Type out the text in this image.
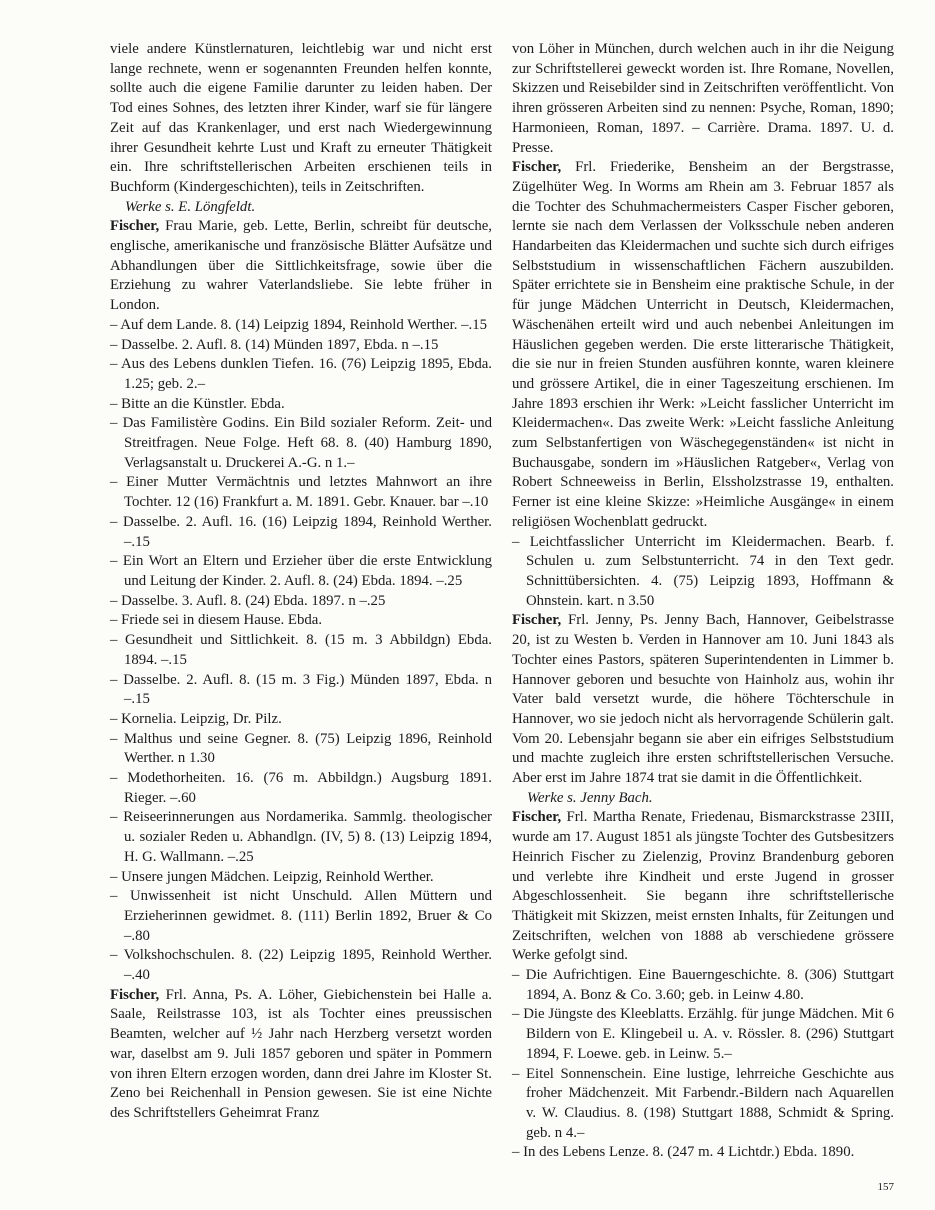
viele andere Künstlernaturen, leichtlebig war und nicht erst lange rechnete, wenn er sogenannten Freunden helfen konnte, sollte auch die eigene Familie darunter zu leiden haben. Der Tod eines Sohnes, des letzten ihrer Kinder, warf sie für längere Zeit auf das Krankenlager, und erst nach Wiedergewinnung ihrer Gesundheit kehrte Lust und Kraft zu erneuter Thätigkeit ein. Ihre schriftstellerischen Arbeiten erschienen teils in Buchform (Kindergeschichten), teils in Zeitschriften.

Werke s. E. Löngfeldt.

Fischer, Frau Marie, geb. Lette, Berlin, schreibt für deutsche, englische, amerikanische und französische Blätter Aufsätze und Abhandlungen über die Sittlichkeitsfrage, sowie über die Erziehung zu wahrer Vaterlandsliebe. Sie lebte früher in London.

– Auf dem Lande. 8. (14) Leipzig 1894, Reinhold Werther. –.15

– Dasselbe. 2. Aufl. 8. (14) Münden 1897, Ebda. n –.15

– Aus des Lebens dunklen Tiefen. 16. (76) Leipzig 1895, Ebda. 1.25; geb. 2.–

– Bitte an die Künstler. Ebda.

– Das Familistère Godins. Ein Bild sozialer Reform. Zeit- und Streitfragen. Neue Folge. Heft 68. 8. (40) Hamburg 1890, Verlagsanstalt u. Druckerei A.-G. n 1.–

– Einer Mutter Vermächtnis und letztes Mahnwort an ihre Tochter. 12 (16) Frankfurt a. M. 1891. Gebr. Knauer. bar –.10

– Dasselbe. 2. Aufl. 16. (16) Leipzig 1894, Reinhold Werther. –.15

– Ein Wort an Eltern und Erzieher über die erste Entwicklung und Leitung der Kinder. 2. Aufl. 8. (24) Ebda. 1894. –.25

– Dasselbe. 3. Aufl. 8. (24) Ebda. 1897. n –.25

– Friede sei in diesem Hause. Ebda.

– Gesundheit und Sittlichkeit. 8. (15 m. 3 Abbildgn) Ebda. 1894. –.15

– Dasselbe. 2. Aufl. 8. (15 m. 3 Fig.) Münden 1897, Ebda. n –.15

– Kornelia. Leipzig, Dr. Pilz.

– Malthus und seine Gegner. 8. (75) Leipzig 1896, Reinhold Werther. n 1.30

– Modethorheiten. 16. (76 m. Abbildgn.) Augsburg 1891. Rieger. –.60

– Reiseerinnerungen aus Nordamerika. Sammlg. theologischer u. sozialer Reden u. Abhandlgn. (IV, 5) 8. (13) Leipzig 1894, H. G. Wallmann. –.25

– Unsere jungen Mädchen. Leipzig, Reinhold Werther.

– Unwissenheit ist nicht Unschuld. Allen Müttern und Erzieherinnen gewidmet. 8. (111) Berlin 1892, Bruer & Co –.80

– Volkshochschulen. 8. (22) Leipzig 1895, Reinhold Werther. –.40

Fischer, Frl. Anna, Ps. A. Löher, Giebichenstein bei Halle a. Saale, Reilstrasse 103, ist als Tochter eines preussischen Beamten, welcher auf ½ Jahr nach Herzberg versetzt worden war, daselbst am 9. Juli 1857 geboren und später in Pommern von ihren Eltern erzogen worden, dann drei Jahre im Kloster St. Zeno bei Reichenhall in Pension gewesen. Sie ist eine Nichte des Schriftstellers Geheimrat Franz

von Löher in München, durch welchen auch in ihr die Neigung zur Schriftstellerei geweckt worden ist. Ihre Romane, Novellen, Skizzen und Reisebilder sind in Zeitschriften veröffentlicht. Von ihren grösseren Arbeiten sind zu nennen: Psyche, Roman, 1890; Harmonieen, Roman, 1897. – Carrière. Drama. 1897. U. d. Presse.

Fischer, Frl. Friederike, Bensheim an der Bergstrasse, Zügelhüter Weg. In Worms am Rhein am 3. Februar 1857 als die Tochter des Schuhmachermeisters Casper Fischer geboren, lernte sie nach dem Verlassen der Volksschule neben anderen Handarbeiten das Kleidermachen und suchte sich durch eifriges Selbststudium in wissenschaftlichen Fächern auszubilden. Später errichtete sie in Bensheim eine praktische Schule, in der für junge Mädchen Unterricht in Deutsch, Kleidermachen, Wäschenähen erteilt wird und auch nebenbei Anleitungen im Häuslichen gegeben werden. Die erste litterarische Thätigkeit, die sie nur in freien Stunden ausführen konnte, waren kleinere und grössere Artikel, die in einer Tageszeitung erschienen. Im Jahre 1893 erschien ihr Werk: »Leicht fasslicher Unterricht im Kleidermachen«. Das zweite Werk: »Leicht fassliche Anleitung zum Selbstanfertigen von Wäschegegenständen« ist nicht in Buchausgabe, sondern im »Häuslichen Ratgeber«, Verlag von Robert Schneeweiss in Berlin, Elssholzstrasse 19, enthalten. Ferner ist eine kleine Skizze: »Heimliche Ausgänge« in einem religiösen Wochenblatt gedruckt.

– Leichtfasslicher Unterricht im Kleidermachen. Bearb. f. Schulen u. zum Selbstunterricht. 74 in den Text gedr. Schnittübersichten. 4. (75) Leipzig 1893, Hoffmann & Ohnstein. kart. n 3.50

Fischer, Frl. Jenny, Ps. Jenny Bach, Hannover, Geibelstrasse 20, ist zu Westen b. Verden in Hannover am 10. Juni 1843 als Tochter eines Pastors, späteren Superintendenten in Limmer b. Hannover geboren und besuchte von Hainholz aus, wohin ihr Vater bald versetzt wurde, die höhere Töchterschule in Hannover, wo sie jedoch nicht als hervorragende Schülerin galt. Vom 20. Lebensjahr begann sie aber ein eifriges Selbststudium und machte zugleich ihre ersten schriftstellerischen Versuche. Aber erst im Jahre 1874 trat sie damit in die Öffentlichkeit.

Werke s. Jenny Bach.

Fischer, Frl. Martha Renate, Friedenau, Bismarckstrasse 23III, wurde am 17. August 1851 als jüngste Tochter des Gutsbesitzers Heinrich Fischer zu Zielenzig, Provinz Brandenburg geboren und verlebte ihre Kindheit und erste Jugend in grosser Abgeschlossenheit. Sie begann ihre schriftstellerische Thätigkeit mit Skizzen, meist ernsten Inhalts, für Zeitungen und Zeitschriften, welchen von 1888 ab verschiedene grössere Werke gefolgt sind.

– Die Aufrichtigen. Eine Bauerngeschichte. 8. (306) Stuttgart 1894, A. Bonz & Co. 3.60; geb. in Leinw 4.80.

– Die Jüngste des Kleeblatts. Erzählg. für junge Mädchen. Mit 6 Bildern von E. Klingebeil u. A. v. Rössler. 8. (296) Stuttgart 1894, F. Loewe. geb. in Leinw. 5.–

– Eitel Sonnenschein. Eine lustige, lehrreiche Geschichte aus froher Mädchenzeit. Mit Farbendr.-Bildern nach Aquarellen v. W. Claudius. 8. (198) Stuttgart 1888, Schmidt & Spring. geb. n 4.–

– In des Lebens Lenze. 8. (247 m. 4 Lichtdr.) Ebda. 1890.

157
